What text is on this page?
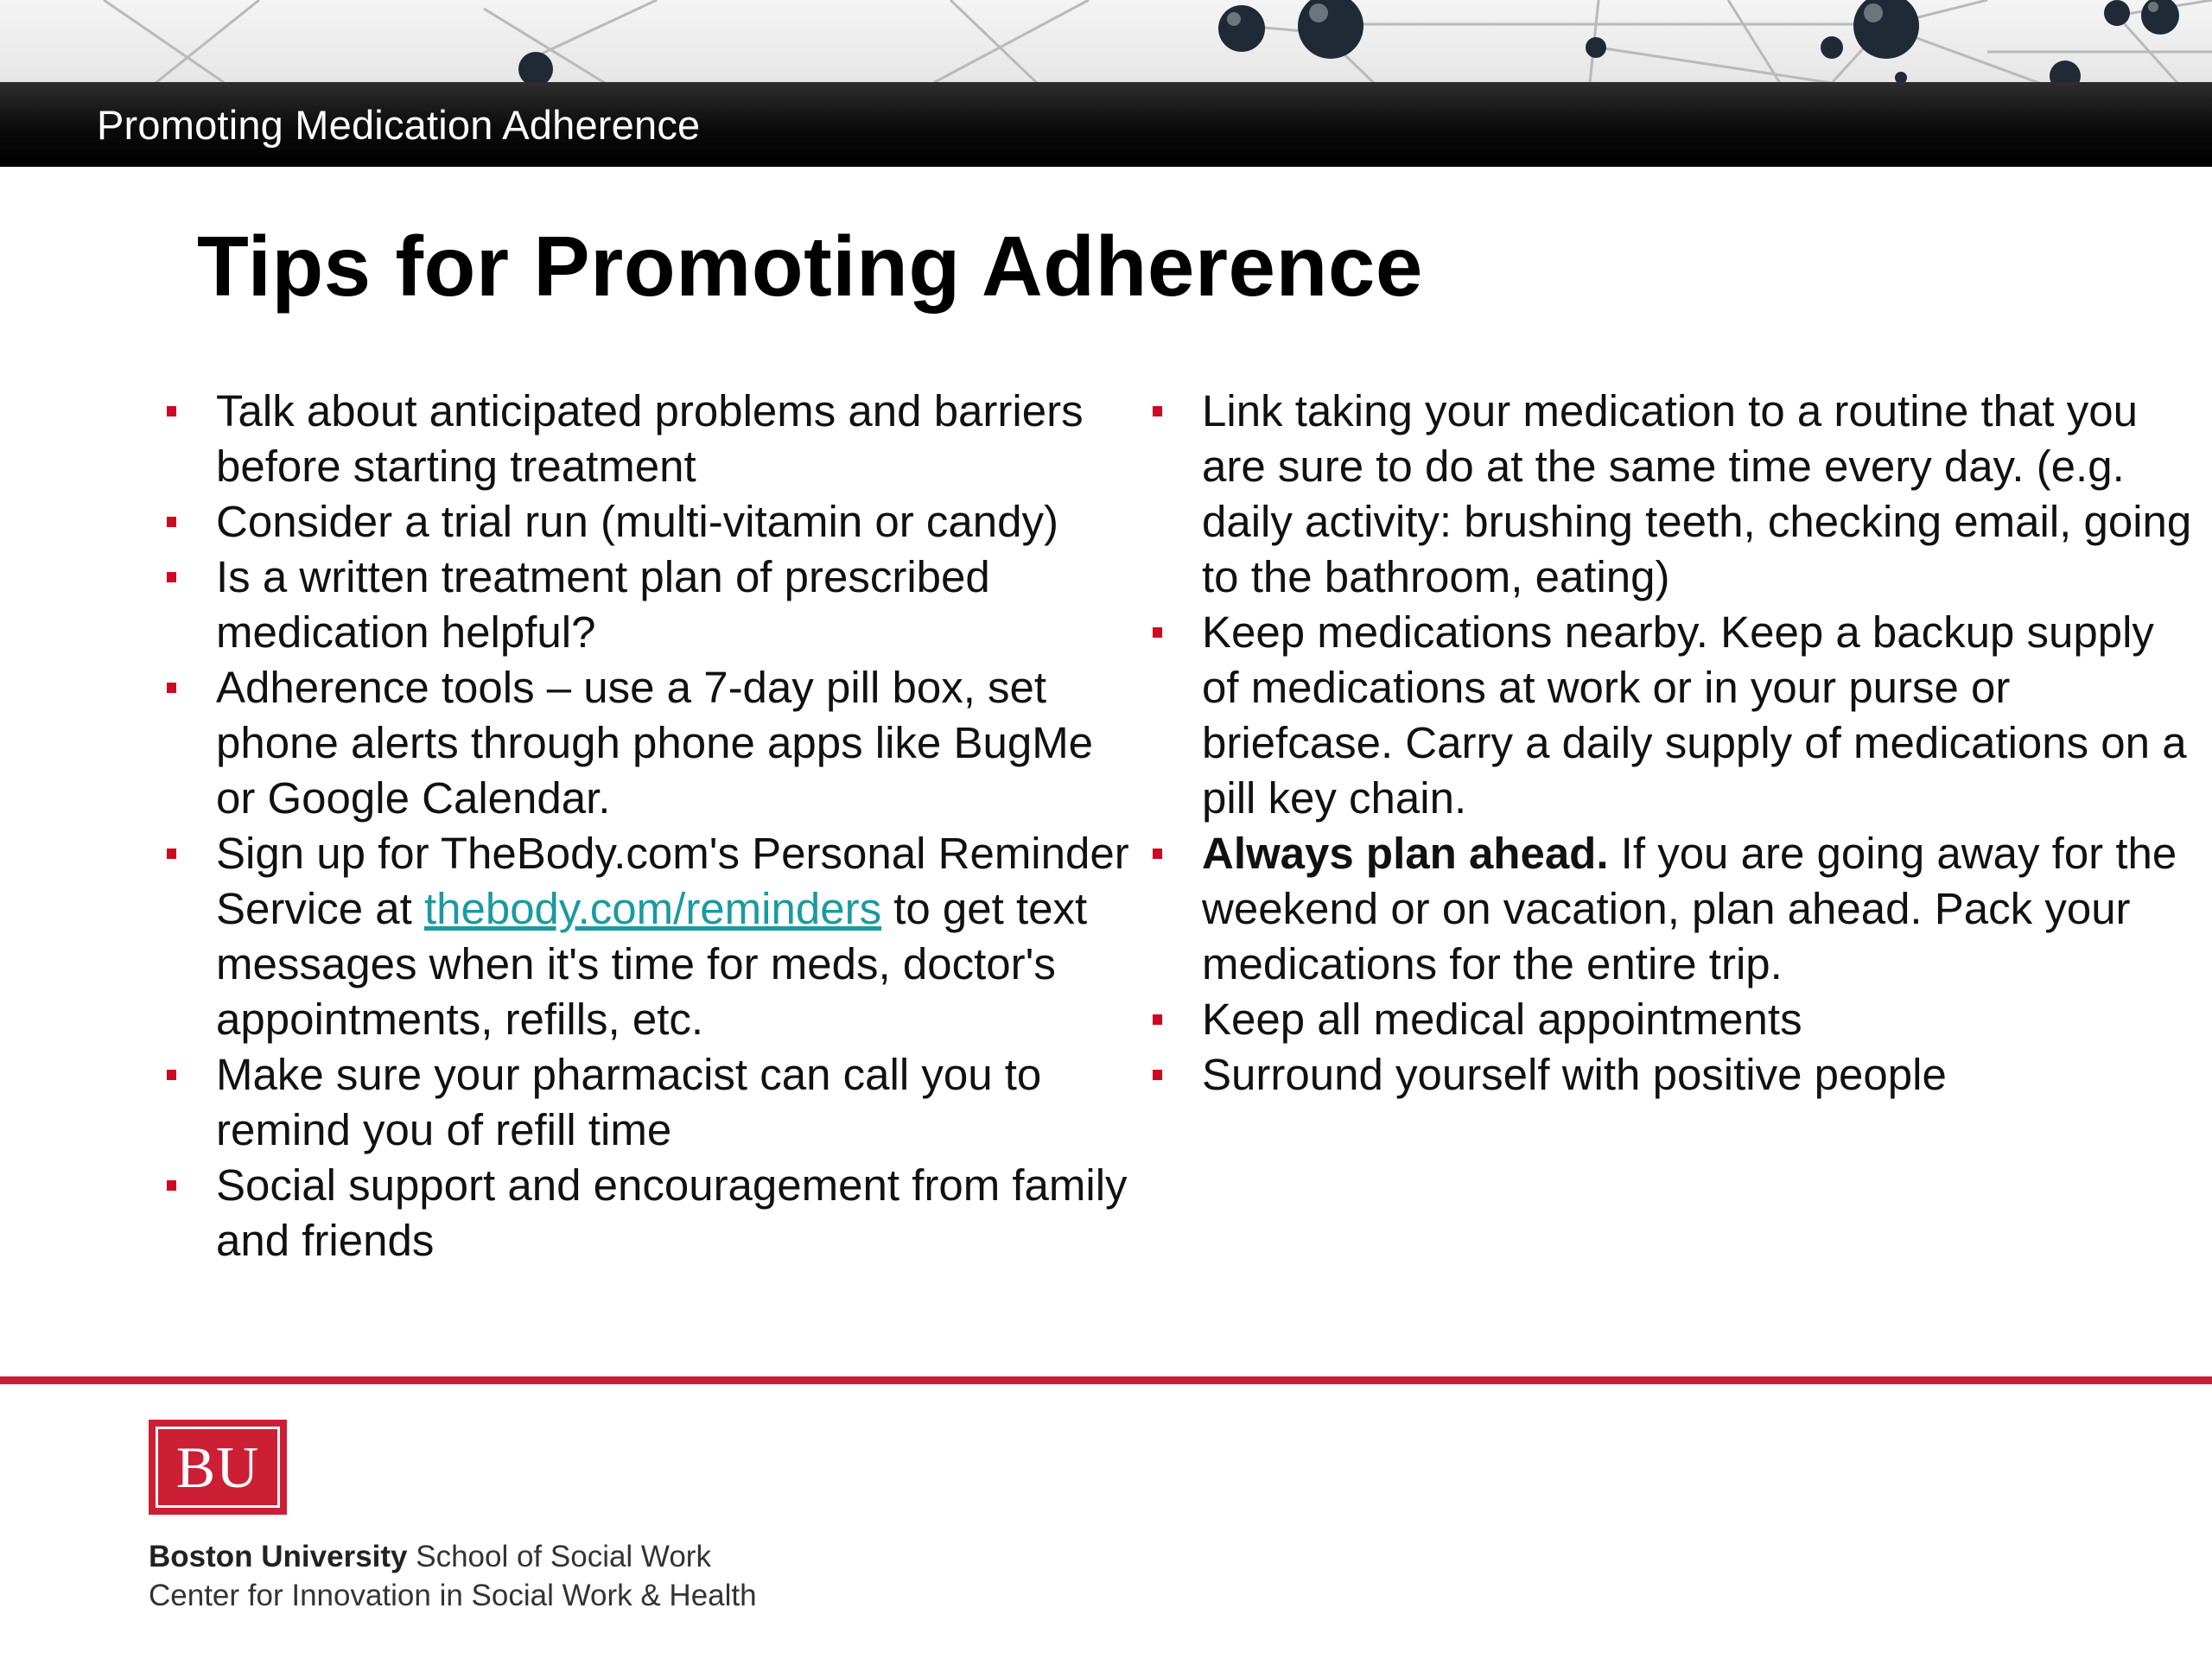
Promoting Medication Adherence
Tips for Promoting Adherence
Talk about anticipated problems and barriers before starting treatment
Consider a trial run (multi-vitamin or candy)
Is a written treatment plan of prescribed medication helpful?
Adherence tools – use a 7-day pill box, set phone alerts through phone apps like BugMe or Google Calendar.
Sign up for TheBody.com's Personal Reminder Service at thebody.com/reminders to get text messages when it's time for meds, doctor's appointments, refills, etc.
Make sure your pharmacist can call you to remind you of refill time
Social support and encouragement from family and friends
Link taking your medication to a routine that you are sure to do at the same time every day. (e.g. daily activity: brushing teeth, checking email, going to the bathroom, eating)
Keep medications nearby. Keep a backup supply of medications at work or in your purse or briefcase. Carry a daily supply of medications on a pill key chain.
Always plan ahead. If you are going away for the weekend or on vacation, plan ahead. Pack your medications for the entire trip.
Keep all medical appointments
Surround yourself with positive people
BU
Boston University School of Social Work
Center for Innovation in Social Work & Health
